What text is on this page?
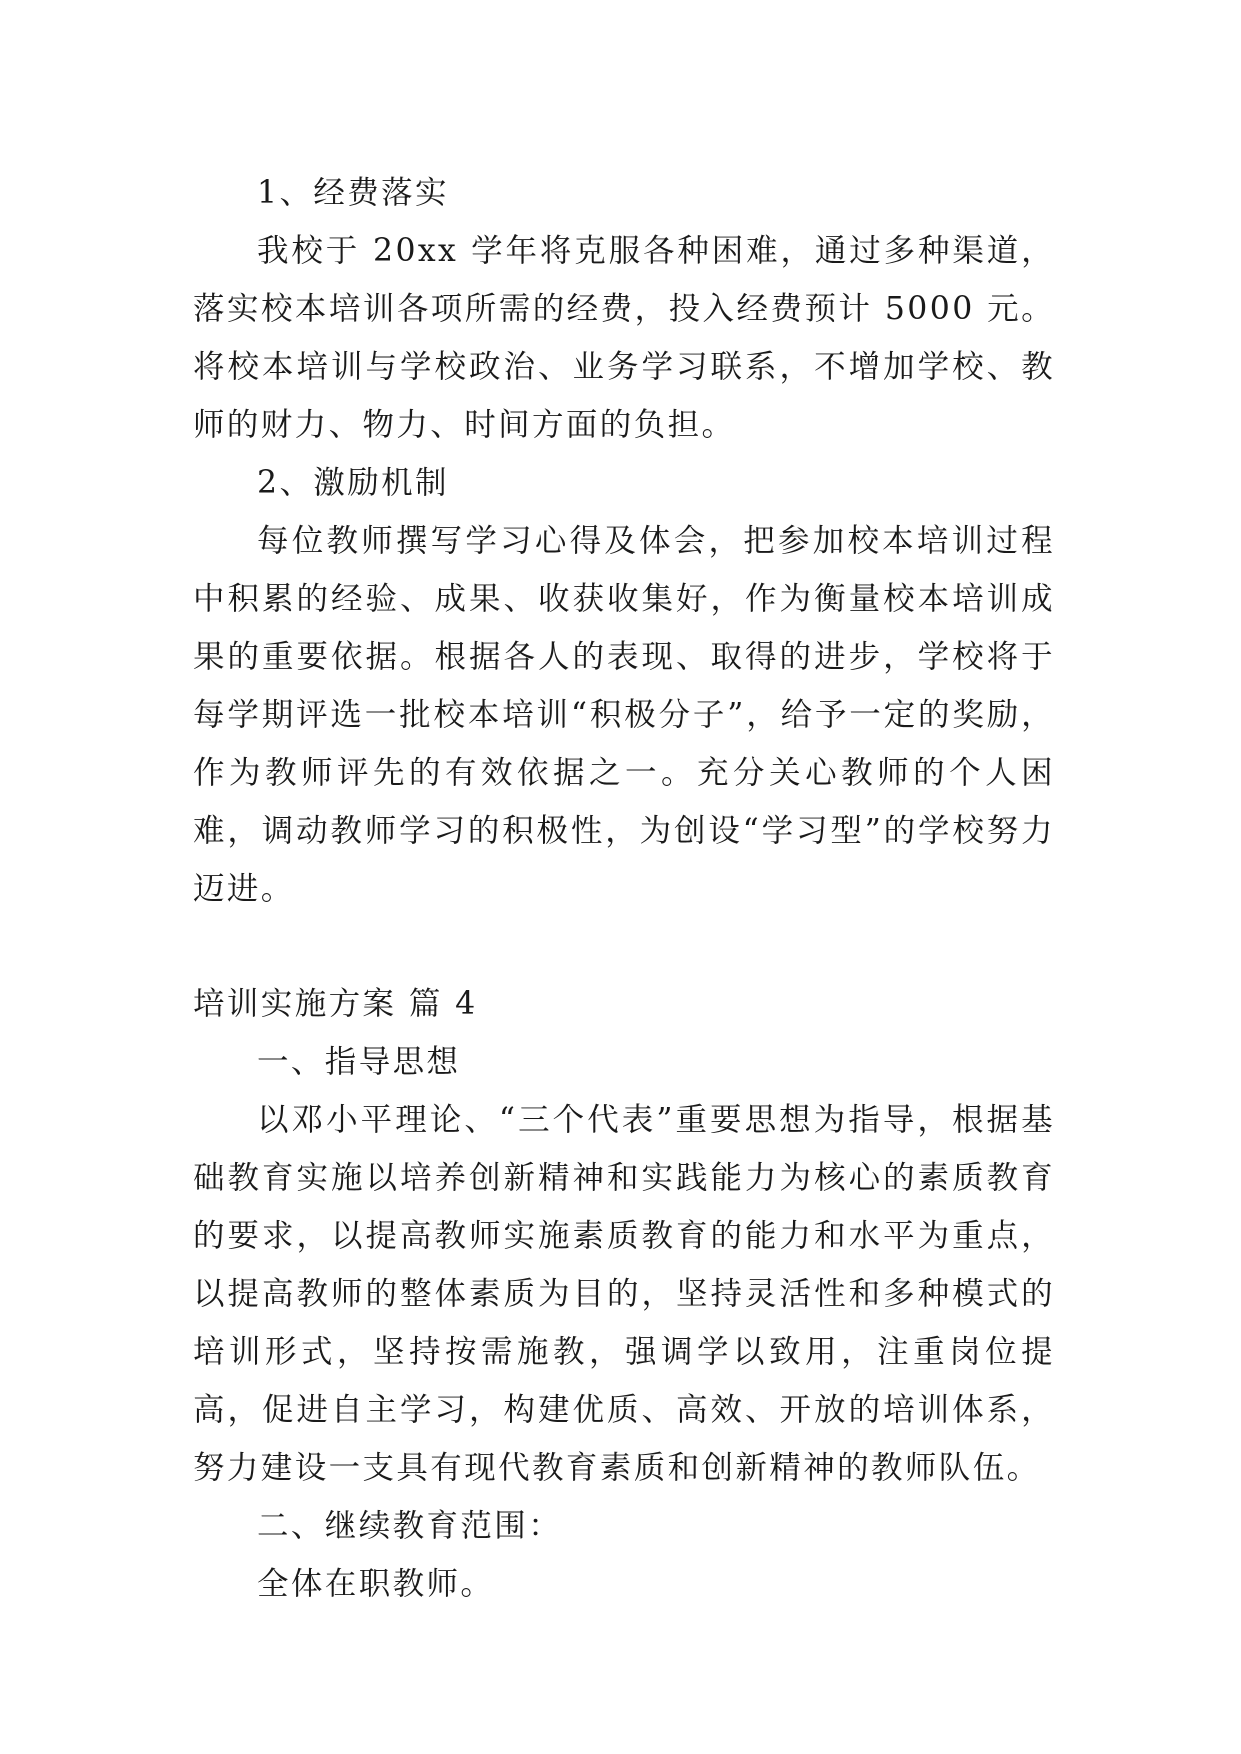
1、经费落实

我校于 20xx 学年将克服各种困难，通过多种渠道，落实校本培训各项所需的经费，投入经费预计 5000 元。将校本培训与学校政治、业务学习联系，不增加学校、教师的财力、物力、时间方面的负担。

2、激励机制

每位教师撰写学习心得及体会，把参加校本培训过程中积累的经验、成果、收获收集好，作为衡量校本培训成果的重要依据。根据各人的表现、取得的进步，学校将于每学期评选一批校本培训“积极分子”，给予一定的奖励，作为教师评先的有效依据之一。充分关心教师的个人困难，调动教师学习的积极性，为创设“学习型”的学校努力迈进。

培训实施方案 篇 4

一、指导思想

以邓小平理论、“三个代表”重要思想为指导，根据基础教育实施以培养创新精神和实践能力为核心的素质教育的要求，以提高教师实施素质教育的能力和水平为重点，以提高教师的整体素质为目的，坚持灵活性和多种模式的培训形式，坚持按需施教，强调学以致用，注重岗位提高，促进自主学习，构建优质、高效、开放的培训体系，努力建设一支具有现代教育素质和创新精神的教师队伍。

二、继续教育范围：

全体在职教师。
